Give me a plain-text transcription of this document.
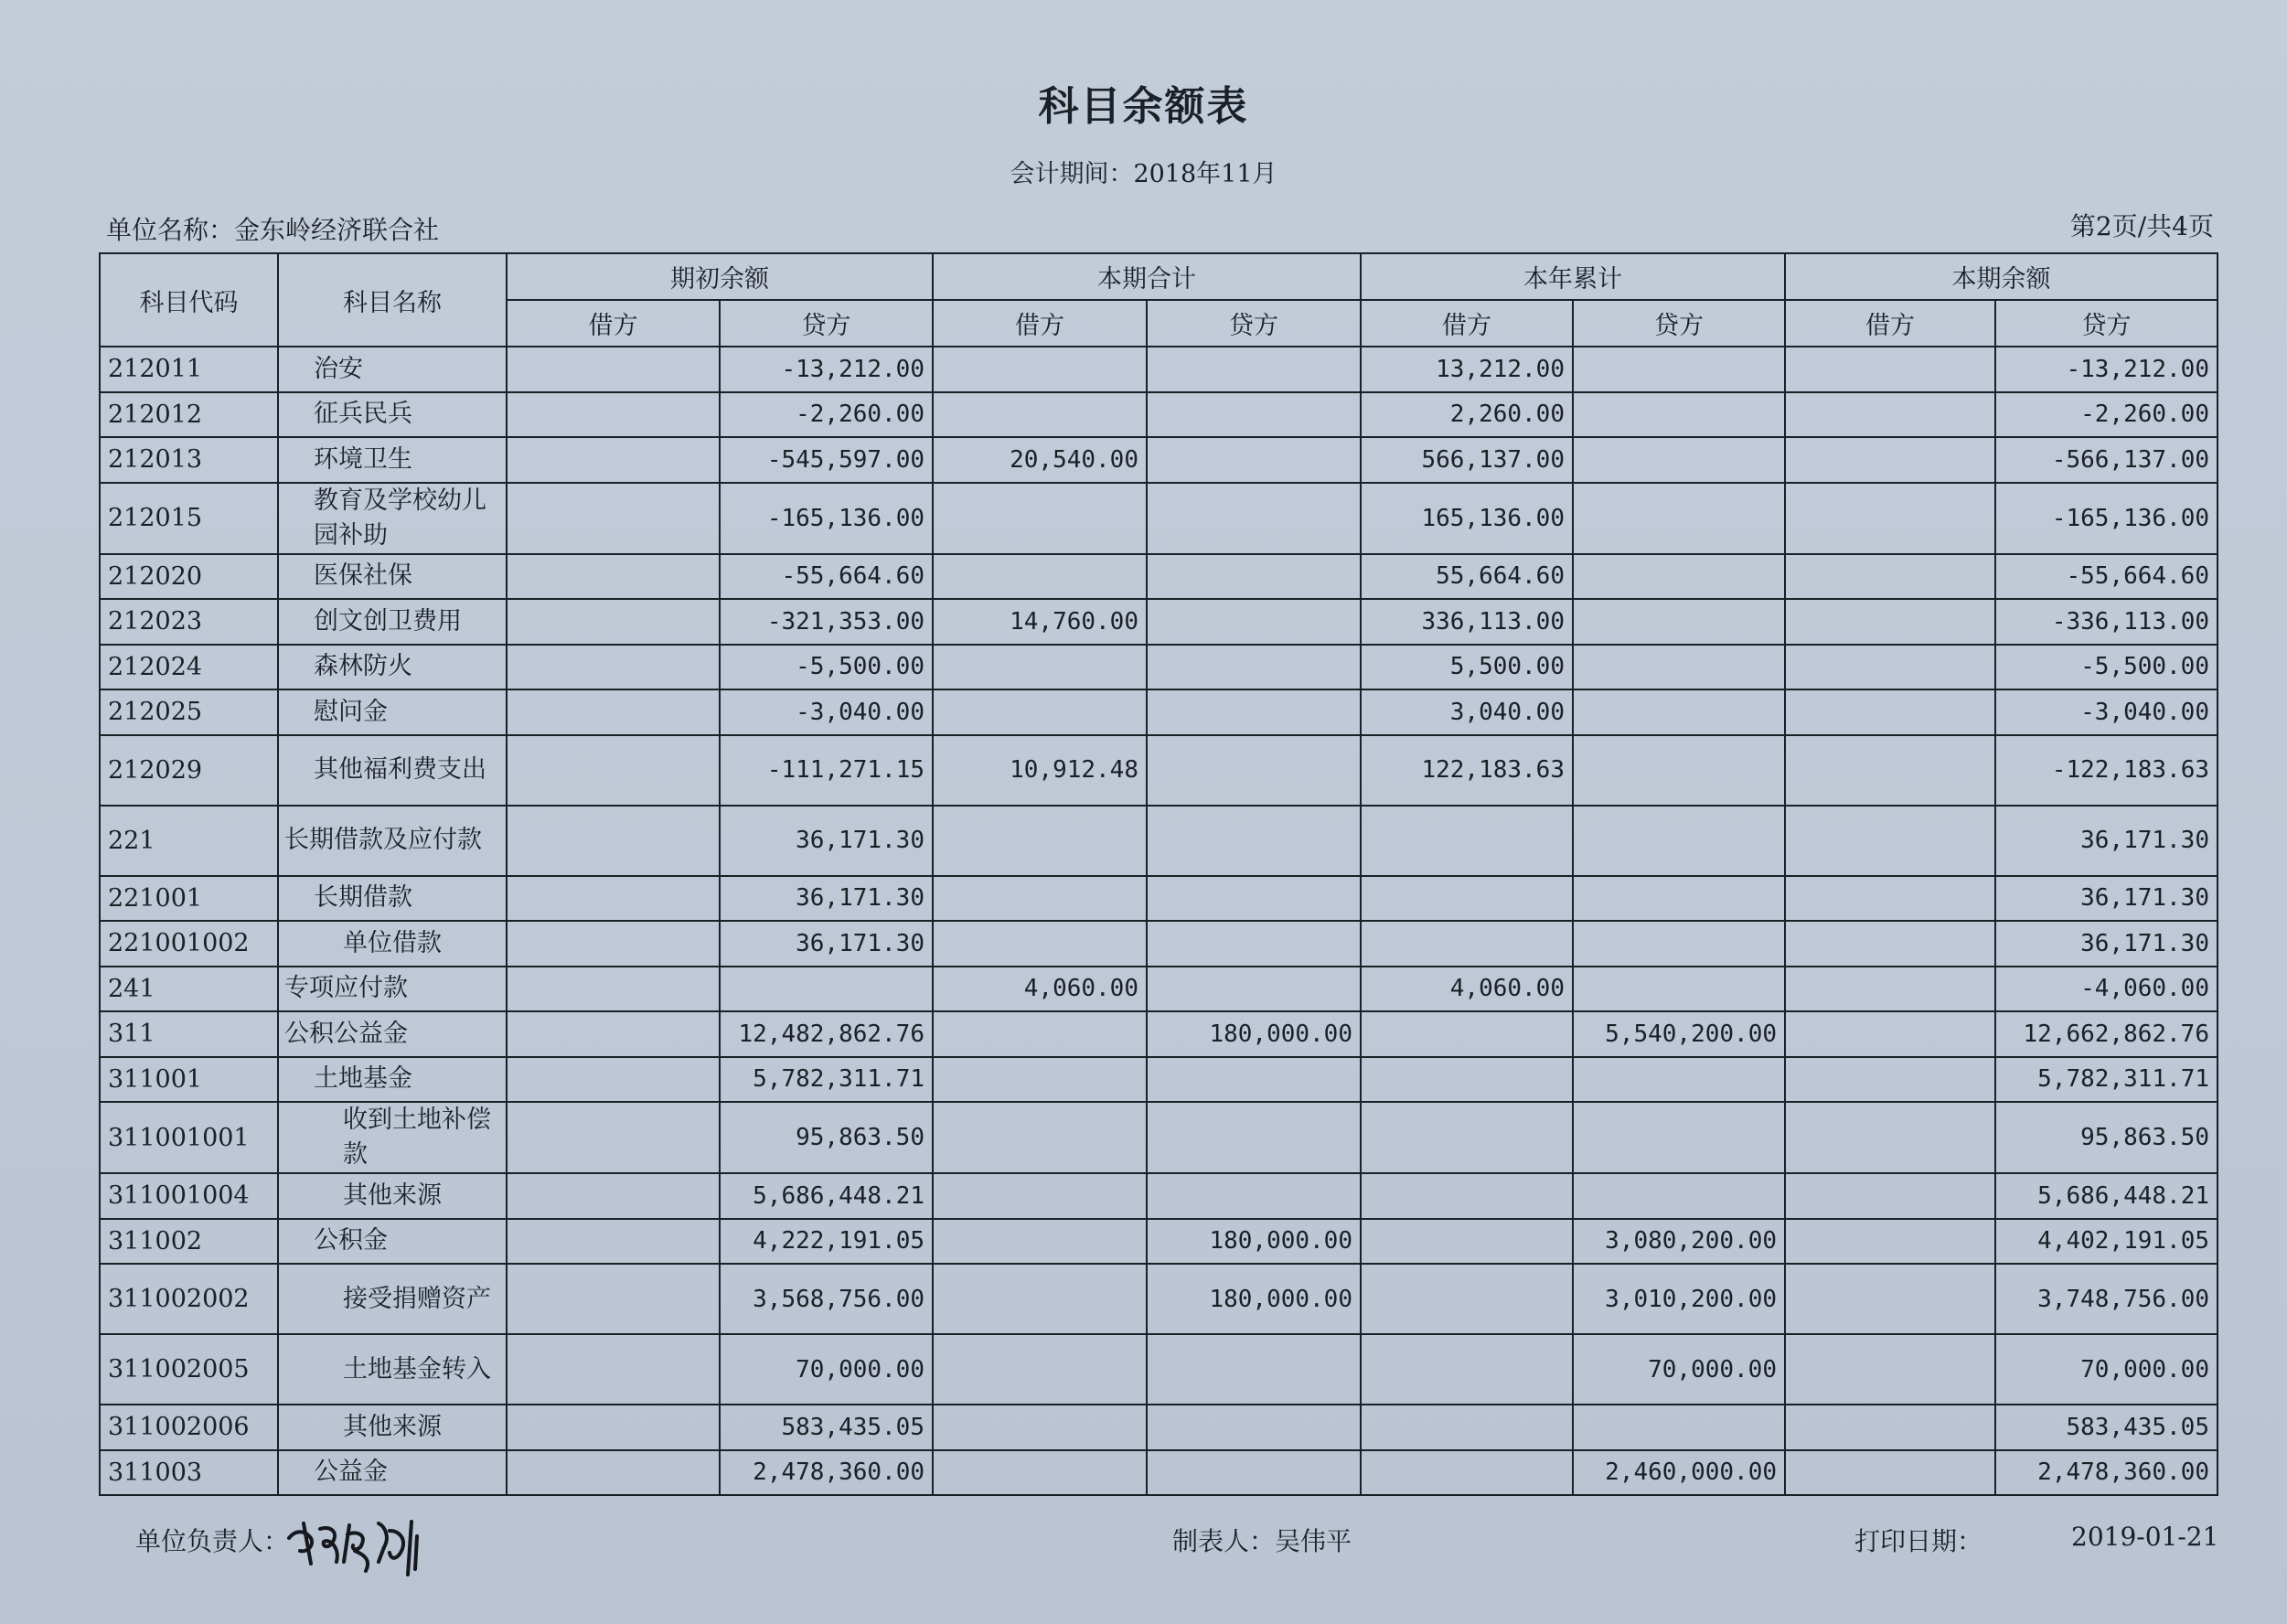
科目余额表
会计期间：2018年11月
单位名称：金东岭经济联合社	第2页/共4页
科目代码	科目名称	期初余额		本期合计		本年累计		本期余额	
		借方	贷方	借方	贷方	借方	贷方	借方	贷方
212011	治安		-13,212.00			13,212.00			-13,212.00
212012	征兵民兵		-2,260.00			2,260.00			-2,260.00
212013	环境卫生		-545,597.00	20,540.00		566,137.00			-566,137.00
212015	教育及学校幼儿园补助		-165,136.00			165,136.00			-165,136.00
212020	医保社保		-55,664.60			55,664.60			-55,664.60
212023	创文创卫费用		-321,353.00	14,760.00		336,113.00			-336,113.00
212024	森林防火		-5,500.00			5,500.00			-5,500.00
212025	慰问金		-3,040.00			3,040.00			-3,040.00
212029	其他福利费支出		-111,271.15	10,912.48		122,183.63			-122,183.63
221	长期借款及应付款		36,171.30						36,171.30
221001	长期借款		36,171.30						36,171.30
221001002	单位借款		36,171.30						36,171.30
241	专项应付款			4,060.00		4,060.00			-4,060.00
311	公积公益金		12,482,862.76		180,000.00		5,540,200.00		12,662,862.76
311001	土地基金		5,782,311.71						5,782,311.71
311001001	收到土地补偿款		95,863.50						95,863.50
311001004	其他来源		5,686,448.21						5,686,448.21
311002	公积金		4,222,191.05		180,000.00		3,080,200.00		4,402,191.05
311002002	接受捐赠资产		3,568,756.00		180,000.00		3,010,200.00		3,748,756.00
311002005	土地基金转入		70,000.00				70,000.00		70,000.00
311002006	其他来源		583,435.05						583,435.05
311003	公益金		2,478,360.00				2,460,000.00		2,478,360.00
单位负责人：	制表人：吴伟平	打印日期：	2019-01-21
